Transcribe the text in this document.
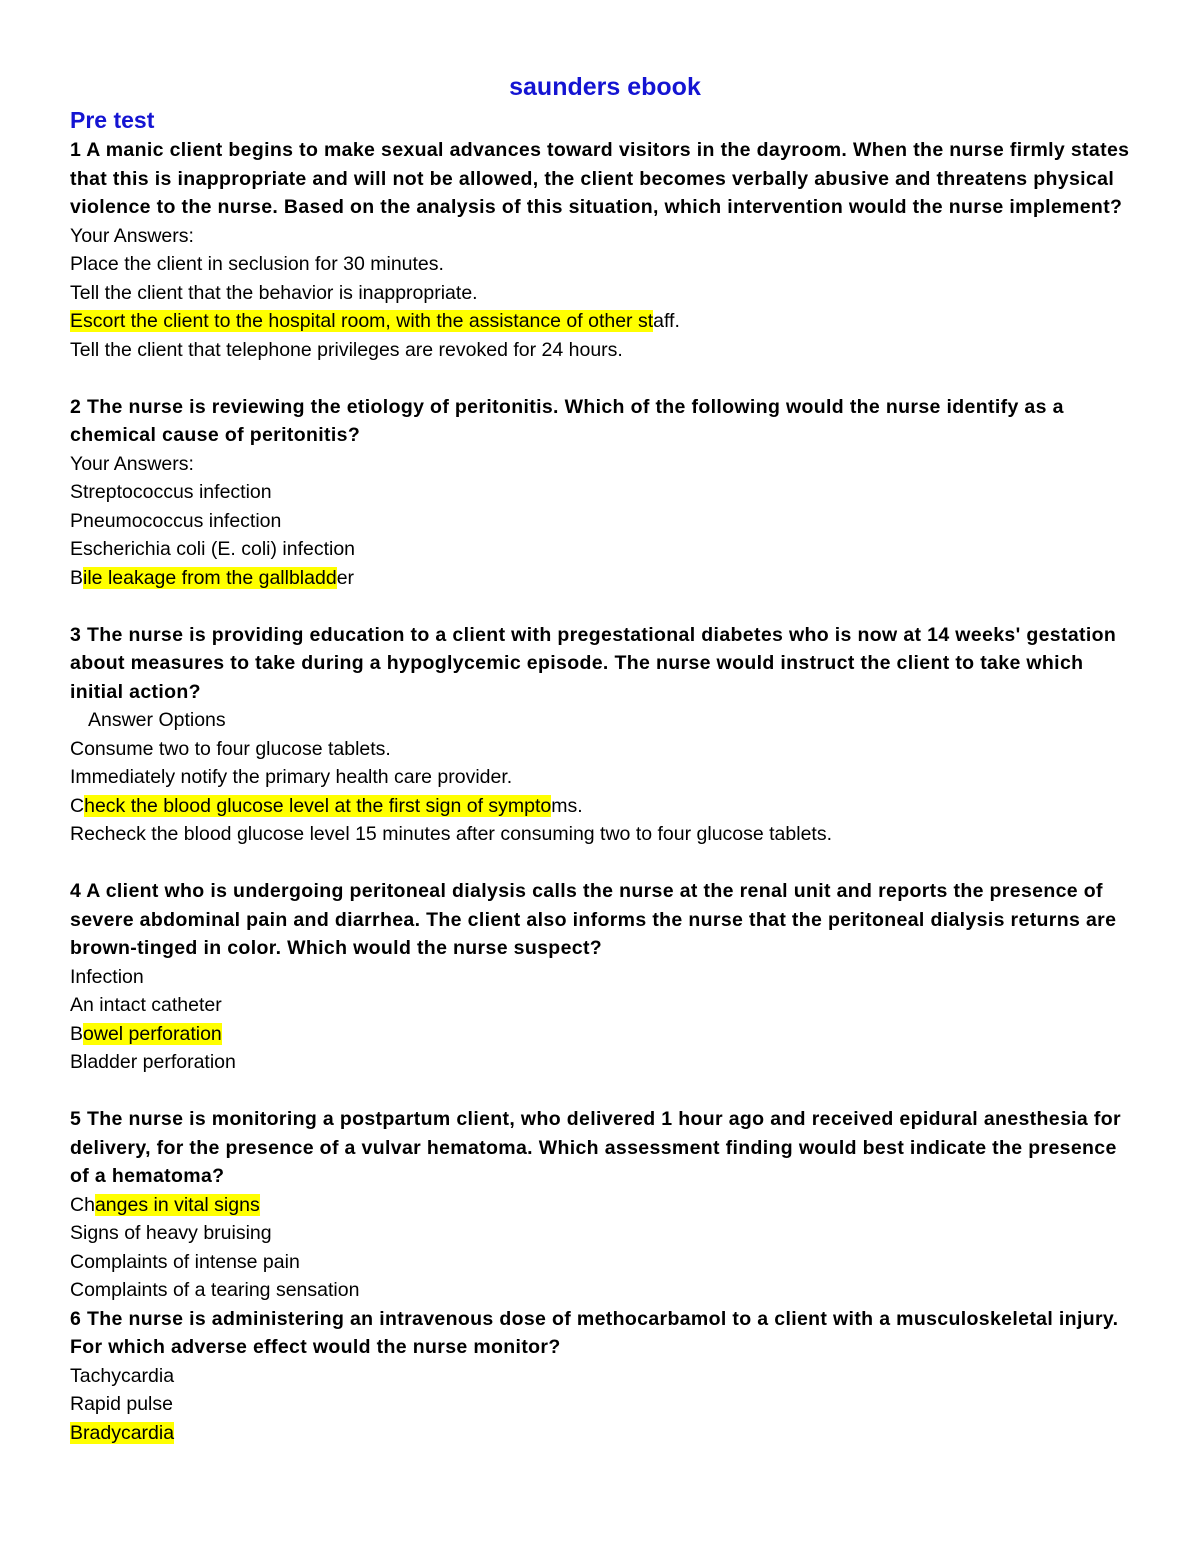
saunders ebook
Pre test
1 A manic client begins to make sexual advances toward visitors in the dayroom. When the nurse firmly states that this is inappropriate and will not be allowed, the client becomes verbally abusive and threatens physical violence to the nurse. Based on the analysis of this situation, which intervention would the nurse implement?
Your Answers:
Place the client in seclusion for 30 minutes.
Tell the client that the behavior is inappropriate.
Escort the client to the hospital room, with the assistance of other staff.
Tell the client that telephone privileges are revoked for 24 hours.
2 The nurse is reviewing the etiology of peritonitis. Which of the following would the nurse identify as a chemical cause of peritonitis?
Your Answers:
Streptococcus infection
Pneumococcus infection
Escherichia coli (E. coli) infection
Bile leakage from the gallbladder
3 The nurse is providing education to a client with pregestational diabetes who is now at 14 weeks' gestation about measures to take during a hypoglycemic episode. The nurse would instruct the client to take which initial action?
Answer Options
Consume two to four glucose tablets.
Immediately notify the primary health care provider.
Check the blood glucose level at the first sign of symptoms.
Recheck the blood glucose level 15 minutes after consuming two to four glucose tablets.
4 A client who is undergoing peritoneal dialysis calls the nurse at the renal unit and reports the presence of severe abdominal pain and diarrhea. The client also informs the nurse that the peritoneal dialysis returns are brown-tinged in color. Which would the nurse suspect?
Infection
An intact catheter
Bowel perforation
Bladder perforation
5 The nurse is monitoring a postpartum client, who delivered 1 hour ago and received epidural anesthesia for delivery, for the presence of a vulvar hematoma. Which assessment finding would best indicate the presence of a hematoma?
Changes in vital signs
Signs of heavy bruising
Complaints of intense pain
Complaints of a tearing sensation
6 The nurse is administering an intravenous dose of methocarbamol to a client with a musculoskeletal injury. For which adverse effect would the nurse monitor?
Tachycardia
Rapid pulse
Bradycardia
